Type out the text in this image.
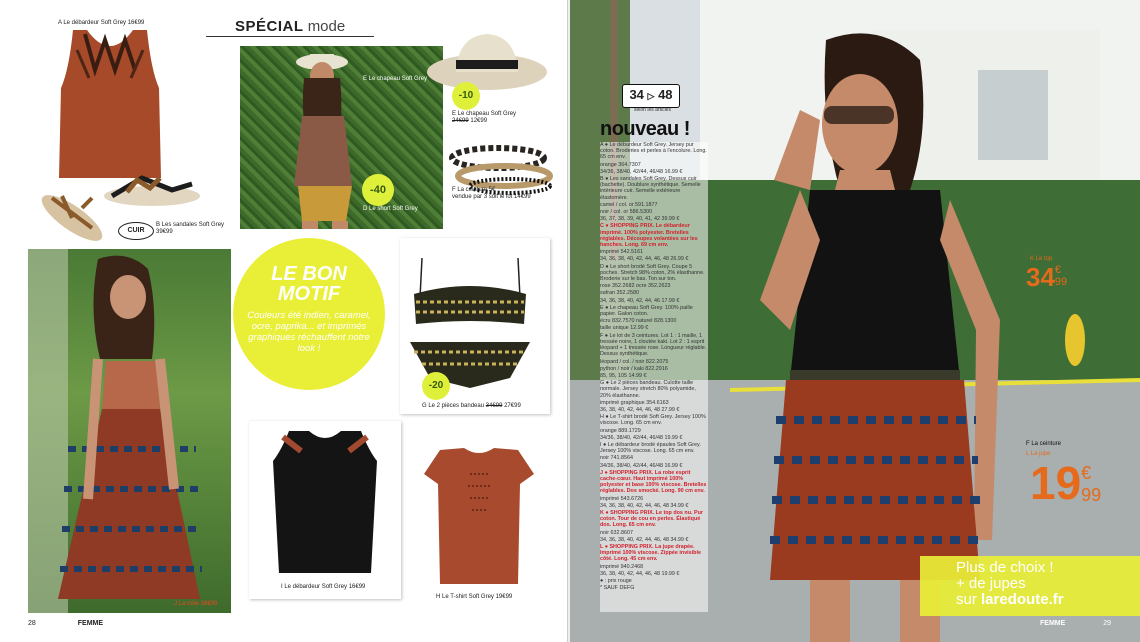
A Le débardeur Soft Grey 16€99
CUIR
B Les sandales Soft Grey 39€99
SPÉCIAL mode
E Le chapeau Soft Grey
D Le short Soft Grey
-40
-10
E Le chapeau Soft Grey
24€99 12€99
F La ceinture 5€
vendue par 3 soit le lot 14€99
J La robe 38€99
LE BON
MOTIF
Couleurs été indien, caramel, ocre, paprika... et imprimés graphiques réchauffent notre look !
-20
G Le 2 pièces bandeau 34€99 27€99
I Le débardeur Soft Grey 16€99
H Le T-shirt Soft Grey 19€99
28	FEMME
34 ▷ 48
selon les articles
nouveau !

A ● Le débardeur Soft Grey. Jersey pur coton. Broderies et perles à l'encolure. Long. 65 cm env.

orange 364.7307

34/36, 38/40, 42/44, 46/48 16.99 €

B ● Les sandales Soft Grey. Dessus cuir (bachette). Doublure synthétique. Semelle intérieure cuir. Semelle extérieure élastomère.

camel / col. or 591.1877

noir / col. or 586.5300

36, 37, 38, 39, 40, 41, 42 39.99 €

C ● SHOPPING PRIX. Le débardeur imprimé. 100% polyester. Bretelles réglables. Découpes volantées sur les hanches. Long. 69 cm env.

imprimé 542.5161

34, 36, 38, 40, 42, 44, 46, 48 26.99 €

D ● Le short brodé Soft Grey. Coupe 5 poches. Stretch 98% coton, 2% élasthanne. Broderie sur le bas. Ton sur ton.

rose 352.2682 ocre 352.2623

safran 352.2580

34, 36, 38, 40, 42, 44, 46 17.99 €

E ● Le chapeau Soft Grey. 100% paille papier. Galon coton.

écru 832.7570 naturel 828.1300

taille unique 12.99 €

F ● Le lot de 3 ceintures. Lot 1 : 1 maille, 1 tressée noire, 1 cloutée kaki. Lot 2 : 1 esprit léopard + 1 tressée rose. Longueur réglable. Dessus synthétique.

léopard / col. / noir 822.2075

python / noir / kaki 822.2916

85, 95, 105 14.99 €

G ● Le 2 pièces bandeau. Culotte taille normale. Jersey stretch 80% polyamide, 20% élasthanne.

imprimé graphique 354.6163

36, 38, 40, 42, 44, 46, 48 27.99 €

H ● Le T-shirt brodé Soft Grey. Jersey 100% viscose. Long. 65 cm env.

orange 889.1729

34/36, 38/40, 42/44, 46/48 19.99 €

I ● Le débardeur brodé épaules Soft Grey. Jersey 100% viscose. Long. 65 cm env.

noir 741.8564

34/36, 38/40, 42/44, 46/48 16.99 €

J ● SHOPPING PRIX. La robe esprit cache-cœur. Haut imprimé 100% polyester et base 100% viscose. Bretelles réglables. Dos smocké. Long. 90 cm env.

imprimé 543.6726

34, 36, 38, 40, 42, 44, 46, 48 34.99 €

K ● SHOPPING PRIX. Le top dos nu. Pur coton. Tour de cou en perles. Élastiqué dos. Long. 65 cm env.

noir 632.8607

34, 36, 38, 40, 42, 44, 46, 48 34.99 €

L ● SHOPPING PRIX. La jupe drapée. Imprimé 100% viscose. Zippée invisible côté. Long. 45 cm env.

imprimé 940.2468

36, 38, 40, 42, 44, 46, 48 19.99 €

● : prix rouge

* SAUF DEFG

K Le top
34€
99
F La ceinture
L La jupe
19€
99
Plus de choix !
+ de jupes
sur laredoute.fr
FEMME	29
